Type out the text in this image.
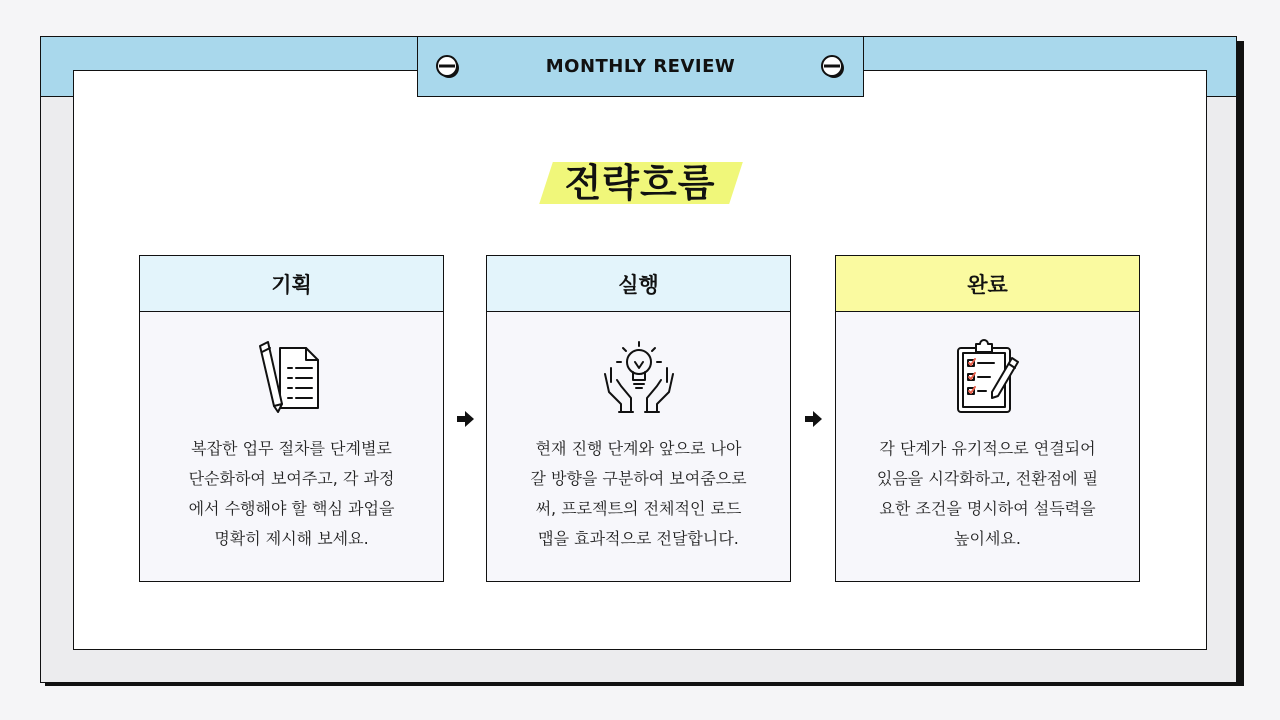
MONTHLY REVIEW
전략흐름
기획
복잡한 업무 절차를 단계별로
단순화하여 보여주고, 각 과정
에서 수행해야 할 핵심 과업을
명확히 제시해 보세요.
실행
현재 진행 단계와 앞으로 나아
갈 방향을 구분하여 보여줌으로
써, 프로젝트의 전체적인 로드
맵을 효과적으로 전달합니다.
완료
각 단계가 유기적으로 연결되어
있음을 시각화하고, 전환점에 필
요한 조건을 명시하여 설득력을
높이세요.
